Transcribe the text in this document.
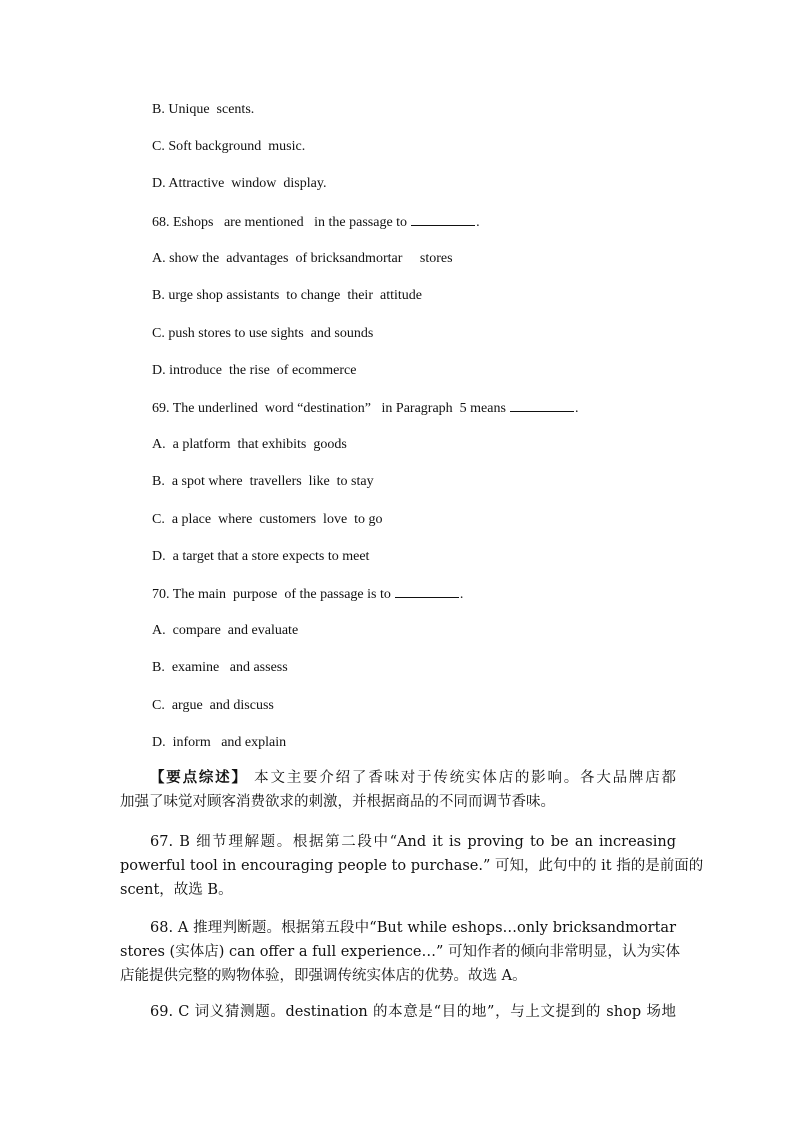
B. Unique  scents.
C. Soft background  music.
D. Attractive  window  display.
68. Eshops   are mentioned   in the passage to	.
A. show the  advantages  of bricksandmortar     stores
B. urge shop assistants  to change  their  attitude
C. push stores to use sights  and sounds
D. introduce  the rise  of ecommerce
69. The underlined  word “destination”   in Paragraph  5 means	.
A.  a platform  that exhibits  goods
B.  a spot where  travellers  like  to stay
C.  a place  where  customers  love  to go
D.  a target that a store expects to meet
70. The main  purpose  of the passage is to	.
A.  compare  and evaluate
B.  examine   and assess
C.  argue  and discuss
D.  inform   and explain
【要点综述】 本文主要介绍了香味对于传统实体店的影响。各大品牌店都
加强了味觉对顾客消费欲求的刺激，并根据商品的不同而调节香味。
67. B 细节理解题。根据第二段中“And it is proving to be an increasing
powerful tool in encouraging people to purchase.” 可知，此句中的 it 指的是前面的
scent，故选 B。
68. A 推理判断题。根据第五段中“But while eshops…only bricksandmortar
stores (实体店) can offer a full experience…” 可知作者的倾向非常明显，认为实体
店能提供完整的购物体验，即强调传统实体店的优势。故选 A。
69. C 词义猜测题。destination 的本意是“目的地”，与上文提到的 shop 场地
